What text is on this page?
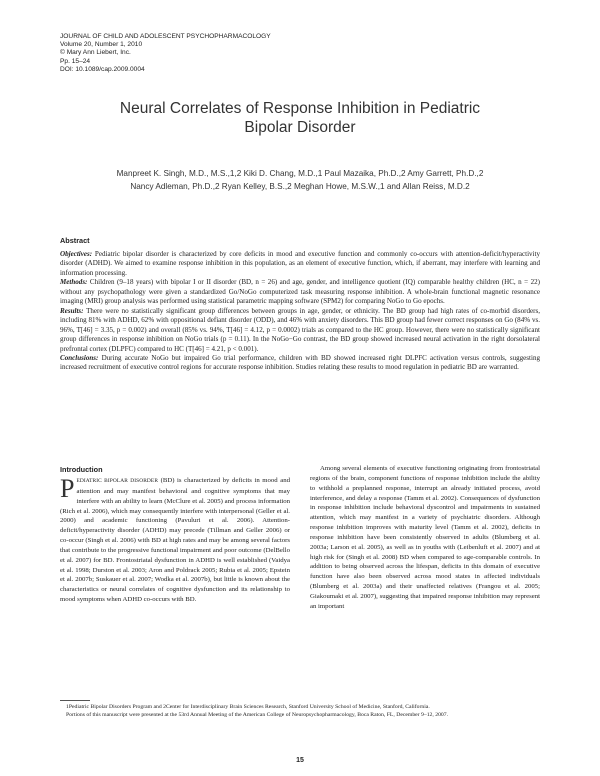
JOURNAL OF CHILD AND ADOLESCENT PSYCHOPHARMACOLOGY
Volume 20, Number 1, 2010
© Mary Ann Liebert, Inc.
Pp. 15–24
DOI: 10.1089/cap.2009.0004
Neural Correlates of Response Inhibition in Pediatric
Bipolar Disorder
Manpreet K. Singh, M.D., M.S.,1,2 Kiki D. Chang, M.D.,1 Paul Mazaika, Ph.D.,2 Amy Garrett, Ph.D.,2
Nancy Adleman, Ph.D.,2 Ryan Kelley, B.S.,2 Meghan Howe, M.S.W.,1 and Allan Reiss, M.D.2
Abstract

Objectives: Pediatric bipolar disorder is characterized by core deficits in mood and executive function and commonly co-occurs with attention-deficit/hyperactivity disorder (ADHD). We aimed to examine response inhibition in this population, as an element of executive function, which, if aberrant, may interfere with learning and information processing.

Methods: Children (9–18 years) with bipolar I or II disorder (BD, n = 26) and age, gender, and intelligence quotient (IQ) comparable healthy children (HC, n = 22) without any psychopathology were given a standardized Go/NoGo computerized task measuring response inhibition. A whole-brain functional magnetic resonance imaging (MRI) group analysis was performed using statistical parametric mapping software (SPM2) for comparing NoGo to Go epochs.

Results: There were no statistically significant group differences between groups in age, gender, or ethnicity. The BD group had high rates of co-morbid disorders, including 81% with ADHD, 62% with oppositional defiant disorder (ODD), and 46% with anxiety disorders. This BD group had fewer correct responses on Go (84% vs. 96%, T[46] = 3.35, p = 0.002) and overall (85% vs. 94%, T[46] = 4.12, p = 0.0002) trials as compared to the HC group. However, there were no statistically significant group differences in response inhibition on NoGo trials (p = 0.11). In the NoGo−Go contrast, the BD group showed increased neural activation in the right dorsolateral prefrontal cortex (DLPFC) compared to HC (T[46] = 4.21, p < 0.001).

Conclusions: During accurate NoGo but impaired Go trial performance, children with BD showed increased right DLPFC activation versus controls, suggesting increased recruitment of executive control regions for accurate response inhibition. Studies relating these results to mood regulation in pediatric BD are warranted.

Introduction

PEDIATRIC BIPOLAR DISORDER (BD) is characterized by deficits in mood and attention and may manifest behavioral and cognitive symptoms that may interfere with an ability to learn (McClure et al. 2005) and process information (Rich et al. 2006), which may consequently interfere with interpersonal (Geller et al. 2000) and academic functioning (Pavuluri et al. 2006). Attention-deficit/hyperactivity disorder (ADHD) may precede (Tillman and Geller 2006) or co-occur (Singh et al. 2006) with BD at high rates and may be among several factors that contribute to the progressive functional impairment and poor outcome (DelBello et al. 2007) for BD. Frontostriatal dysfunction in ADHD is well established (Vaidya et al. 1998; Durston et al. 2003; Aron and Poldrack 2005; Rubia et al. 2005; Epstein et al. 2007b; Suskauer et al. 2007; Wodka et al. 2007b), but little is known about the characteristics or neural correlates of cognitive dysfunction and its relationship to mood symptoms when ADHD co-occurs with BD.

Among several elements of executive functioning originating from frontostriatal regions of the brain, component functions of response inhibition include the ability to withhold a preplanned response, interrupt an already initiated process, avoid interference, and delay a response (Tamm et al. 2002). Consequences of dysfunction in response inhibition include behavioral dyscontrol and impairments in sustained attention, which may manifest in a variety of psychiatric disorders. Although response inhibition improves with maturity level (Tamm et al. 2002), deficits in response inhibition have been consistently observed in adults (Blumberg et al. 2003a; Larson et al. 2005), as well as in youths with (Leibenluft et al. 2007) and at high risk for (Singh et al. 2008) BD when compared to age-comparable controls. In addition to being observed across the lifespan, deficits in this domain of executive function have also been observed across mood states in affected individuals (Blumberg et al. 2003a) and their unaffected relatives (Frangou et al. 2005; Giakoumaki et al. 2007), suggesting that impaired response inhibition may represent an important

1Pediatric Bipolar Disorders Program and 2Center for Interdisciplinary Brain Sciences Research, Stanford University School of Medicine, Stanford, California.

Portions of this manuscript were presented at the 53rd Annual Meeting of the American College of Neuropsychopharmacology, Boca Raton, FL, December 9–12, 2007.

15
